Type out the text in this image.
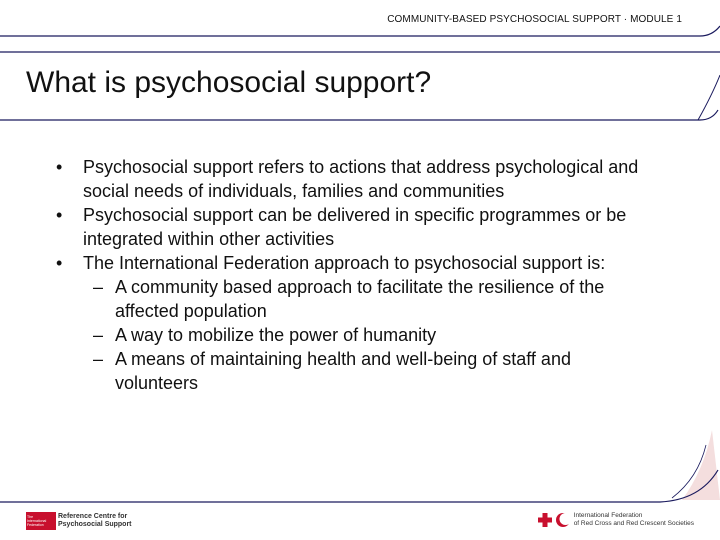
COMMUNITY-BASED PSYCHOSOCIAL SUPPORT · MODULE 1
What is psychosocial support?
• Psychosocial support refers to actions that address psychological and social needs of individuals, families and communities
• Psychosocial support can be delivered in specific programmes or be integrated within other activities
• The International Federation approach to psychosocial support is:
– A community based approach to facilitate the resilience of the affected population
– A way to mobilize the power of humanity
– A means of maintaining health and well-being of staff and volunteers
The
International
Federation
Reference Centre for
Psychosocial Support
International Federation
of Red Cross and Red Crescent Societies
